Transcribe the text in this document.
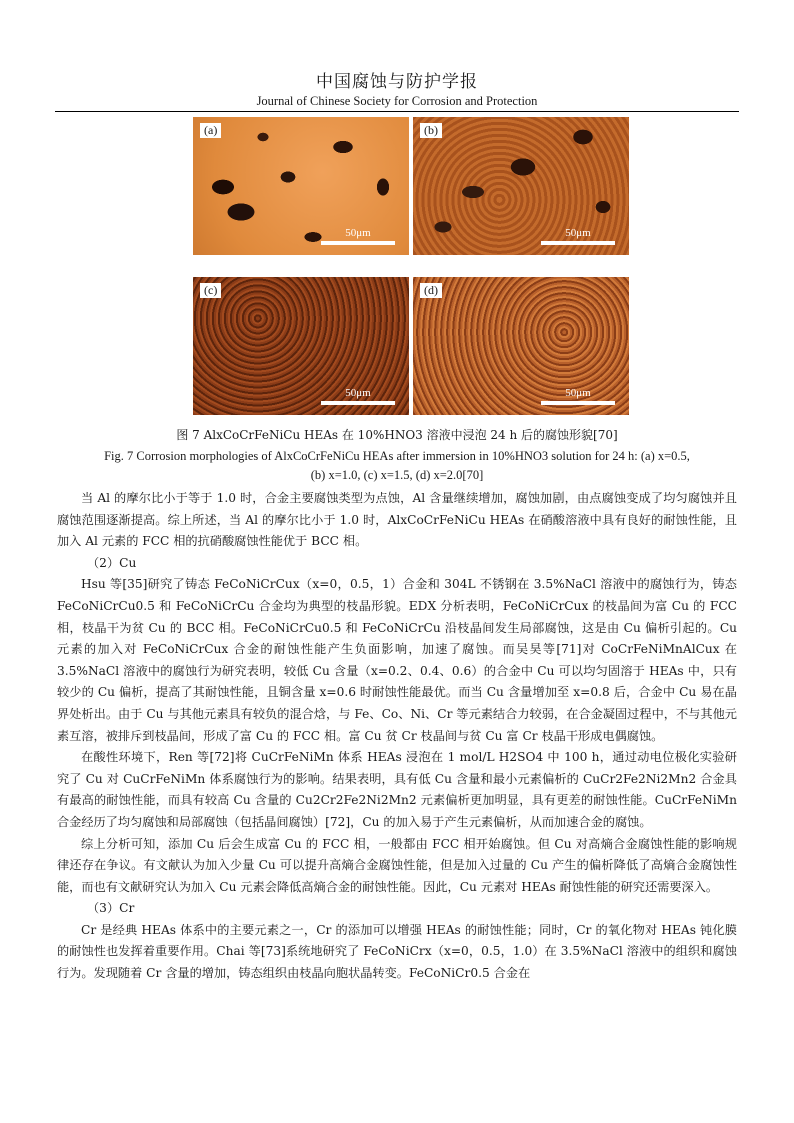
中国腐蚀与防护学报
Journal of Chinese Society for Corrosion and Protection
(a)
50μm
(b)
50μm
(c)
50μm
(d)
50μm
图 7 AlxCoCrFeNiCu HEAs 在 10%HNO3 溶液中浸泡 24 h 后的腐蚀形貌[70]
Fig. 7 Corrosion morphologies of AlxCoCrFeNiCu HEAs after immersion in 10%HNO3 solution for 24 h: (a) x=0.5,
(b) x=1.0, (c) x=1.5, (d) x=2.0[70]

当 Al 的摩尔比小于等于 1.0 时，合金主要腐蚀类型为点蚀，Al 含量继续增加，腐蚀加剧，由点腐蚀变成了均匀腐蚀并且腐蚀范围逐渐提高。综上所述，当 Al 的摩尔比小于 1.0 时，AlxCoCrFeNiCu HEAs 在硝酸溶液中具有良好的耐蚀性能，且加入 Al 元素的 FCC 相的抗硝酸腐蚀性能优于 BCC 相。

（2）Cu

Hsu 等[35]研究了铸态 FeCoNiCrCux（x=0，0.5，1）合金和 304L 不锈钢在 3.5%NaCl 溶液中的腐蚀行为，铸态 FeCoNiCrCu0.5 和 FeCoNiCrCu 合金均为典型的枝晶形貌。EDX 分析表明，FeCoNiCrCux 的枝晶间为富 Cu 的 FCC 相，枝晶干为贫 Cu 的 BCC 相。FeCoNiCrCu0.5 和 FeCoNiCrCu 沿枝晶间发生局部腐蚀，这是由 Cu 偏析引起的。Cu 元素的加入对 FeCoNiCrCux 合金的耐蚀性能产生负面影响，加速了腐蚀。而吴昊等[71]对 CoCrFeNiMnAlCux 在 3.5%NaCl 溶液中的腐蚀行为研究表明，较低 Cu 含量（x=0.2、0.4、0.6）的合金中 Cu 可以均匀固溶于 HEAs 中，只有较少的 Cu 偏析，提高了其耐蚀性能，且铜含量 x=0.6 时耐蚀性能最优。而当 Cu 含量增加至 x=0.8 后，合金中 Cu 易在晶界处析出。由于 Cu 与其他元素具有较负的混合焓，与 Fe、Co、Ni、Cr 等元素结合力较弱，在合金凝固过程中，不与其他元素互溶，被排斥到枝晶间，形成了富 Cu 的 FCC 相。富 Cu 贫 Cr 枝晶间与贫 Cu 富 Cr 枝晶干形成电偶腐蚀。

在酸性环境下，Ren 等[72]将 CuCrFeNiMn 体系 HEAs 浸泡在 1 mol/L H2SO4 中 100 h，通过动电位极化实验研究了 Cu 对 CuCrFeNiMn 体系腐蚀行为的影响。结果表明，具有低 Cu 含量和最小元素偏析的 CuCr2Fe2Ni2Mn2 合金具有最高的耐蚀性能，而具有较高 Cu 含量的 Cu2Cr2Fe2Ni2Mn2 元素偏析更加明显，具有更差的耐蚀性能。CuCrFeNiMn 合金经历了均匀腐蚀和局部腐蚀（包括晶间腐蚀）[72]，Cu 的加入易于产生元素偏析，从而加速合金的腐蚀。

综上分析可知，添加 Cu 后会生成富 Cu 的 FCC 相，一般都由 FCC 相开始腐蚀。但 Cu 对高熵合金腐蚀性能的影响规律还存在争议。有文献认为加入少量 Cu 可以提升高熵合金腐蚀性能，但是加入过量的 Cu 产生的偏析降低了高熵合金腐蚀性能，而也有文献研究认为加入 Cu 元素会降低高熵合金的耐蚀性能。因此，Cu 元素对 HEAs 耐蚀性能的研究还需要深入。

（3）Cr

Cr 是经典 HEAs 体系中的主要元素之一，Cr 的添加可以增强 HEAs 的耐蚀性能；同时，Cr 的氧化物对 HEAs 钝化膜的耐蚀性也发挥着重要作用。Chai 等[73]系统地研究了 FeCoNiCrx（x=0，0.5，1.0）在 3.5%NaCl 溶液中的组织和腐蚀行为。发现随着 Cr 含量的增加，铸态组织由枝晶向胞状晶转变。FeCoNiCr0.5 合金在
